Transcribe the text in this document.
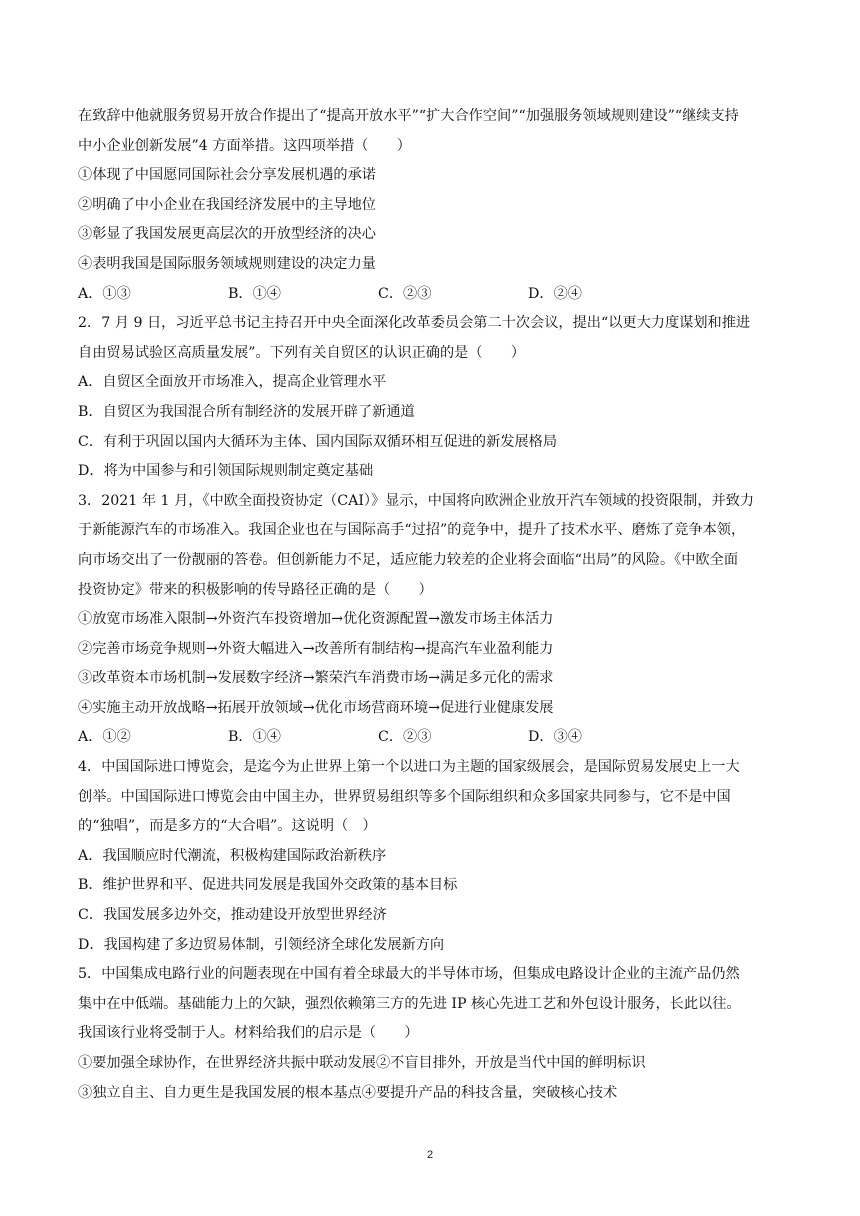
在致辞中他就服务贸易开放合作提出了“提高开放水平”“扩大合作空间”“加强服务领域规则建设”“继续支持
中小企业创新发展”4 方面举措。这四项举措（　　）
①体现了中国愿同国际社会分享发展机遇的承诺
②明确了中小企业在我国经济发展中的主导地位
③彰显了我国发展更高层次的开放型经济的决心
④表明我国是国际服务领域规则建设的决定力量
A．①③	B．①④	C．②③	D．②④
2．7 月 9 日，习近平总书记主持召开中央全面深化改革委员会第二十次会议，提出“以更大力度谋划和推进
自由贸易试验区高质量发展”。下列有关自贸区的认识正确的是（　　）
A．自贸区全面放开市场准入，提高企业管理水平
B．自贸区为我国混合所有制经济的发展开辟了新通道
C．有利于巩固以国内大循环为主体、国内国际双循环相互促进的新发展格局
D．将为中国参与和引领国际规则制定奠定基础
3．2021 年 1 月，《中欧全面投资协定（CAI）》显示，中国将向欧洲企业放开汽车领域的投资限制，并致力
于新能源汽车的市场准入。我国企业也在与国际高手“过招”的竞争中，提升了技术水平、磨炼了竞争本领，
向市场交出了一份靓丽的答卷。但创新能力不足，适应能力较差的企业将会面临“出局”的风险。《中欧全面
投资协定》带来的积极影响的传导路径正确的是（　　）
①放宽市场准入限制→外资汽车投资增加→优化资源配置→激发市场主体活力
②完善市场竞争规则→外资大幅进入→改善所有制结构→提高汽车业盈利能力
③改革资本市场机制→发展数字经济→繁荣汽车消费市场→满足多元化的需求
④实施主动开放战略→拓展开放领域→优化市场营商环境→促进行业健康发展
A．①②	B．①④	C．②③	D．③④
4．中国国际进口博览会，是迄今为止世界上第一个以进口为主题的国家级展会，是国际贸易发展史上一大
创举。中国国际进口博览会由中国主办，世界贸易组织等多个国际组织和众多国家共同参与，它不是中国
的“独唱”，而是多方的“大合唱”。这说明（　）
A．我国顺应时代潮流，积极构建国际政治新秩序
B．维护世界和平、促进共同发展是我国外交政策的基本目标
C．我国发展多边外交，推动建设开放型世界经济
D．我国构建了多边贸易体制，引领经济全球化发展新方向
5．中国集成电路行业的问题表现在中国有着全球最大的半导体市场，但集成电路设计企业的主流产品仍然
集中在中低端。基础能力上的欠缺，强烈依赖第三方的先进 IP 核心先进工艺和外包设计服务，长此以往。
我国该行业将受制于人。材料给我们的启示是（　　）
①要加强全球协作，在世界经济共振中联动发展②不盲目排外，开放是当代中国的鲜明标识
③独立自主、自力更生是我国发展的根本基点④要提升产品的科技含量，突破核心技术
2
